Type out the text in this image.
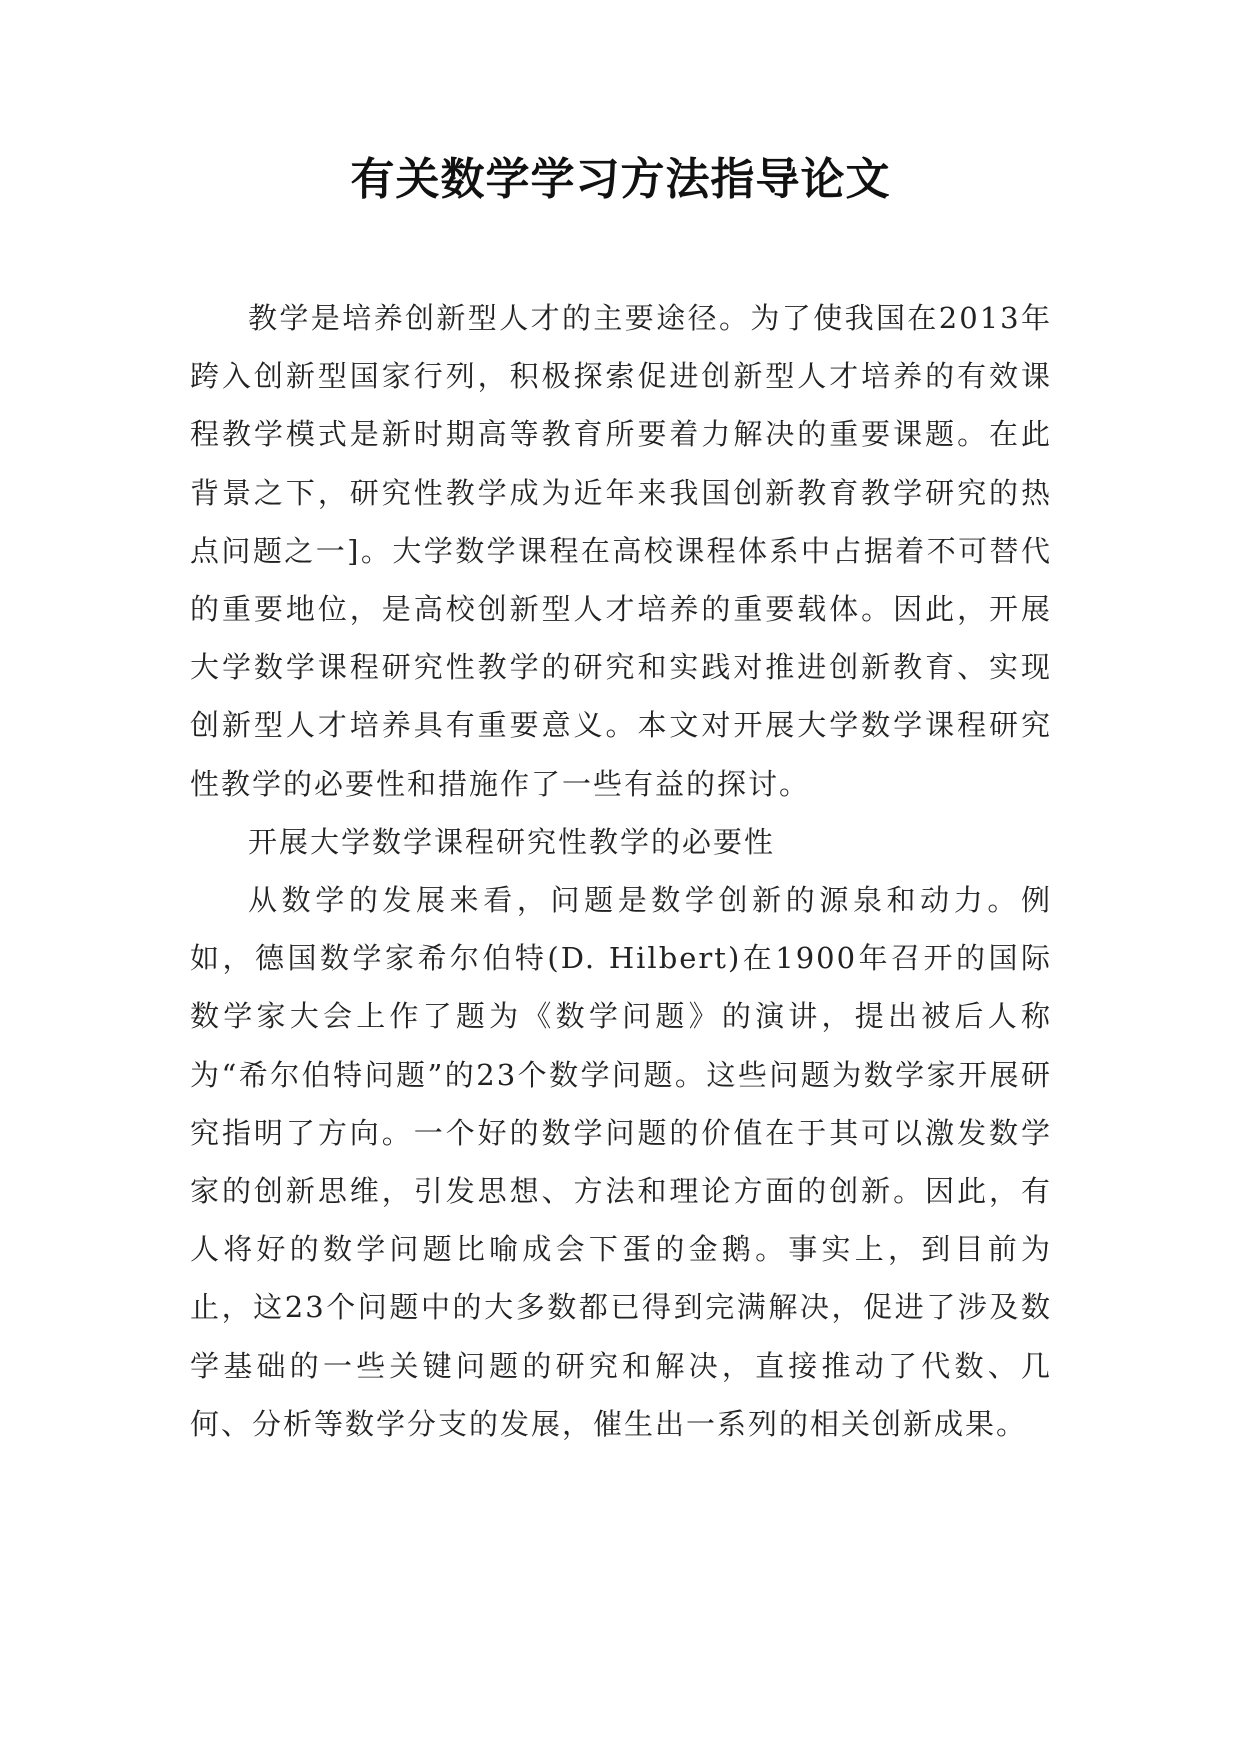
有关数学学习方法指导论文

教学是培养创新型人才的主要途径。为了使我国在2013年跨入创新型国家行列，积极探索促进创新型人才培养的有效课程教学模式是新时期高等教育所要着力解决的重要课题。在此背景之下，研究性教学成为近年来我国创新教育教学研究的热点问题之一]。大学数学课程在高校课程体系中占据着不可替代的重要地位，是高校创新型人才培养的重要载体。因此，开展大学数学课程研究性教学的研究和实践对推进创新教育、实现创新型人才培养具有重要意义。本文对开展大学数学课程研究性教学的必要性和措施作了一些有益的探讨。

开展大学数学课程研究性教学的必要性

从数学的发展来看，问题是数学创新的源泉和动力。例如，德国数学家希尔伯特(D. Hilbert)在1900年召开的国际数学家大会上作了题为《数学问题》的演讲，提出被后人称为“希尔伯特问题”的23个数学问题。这些问题为数学家开展研究指明了方向。一个好的数学问题的价值在于其可以激发数学家的创新思维，引发思想、方法和理论方面的创新。因此，有人将好的数学问题比喻成会下蛋的金鹅。事实上，到目前为止，这23个问题中的大多数都已得到完满解决，促进了涉及数学基础的一些关键问题的研究和解决，直接推动了代数、几何、分析等数学分支的发展，催生出一系列的相关创新成果。
